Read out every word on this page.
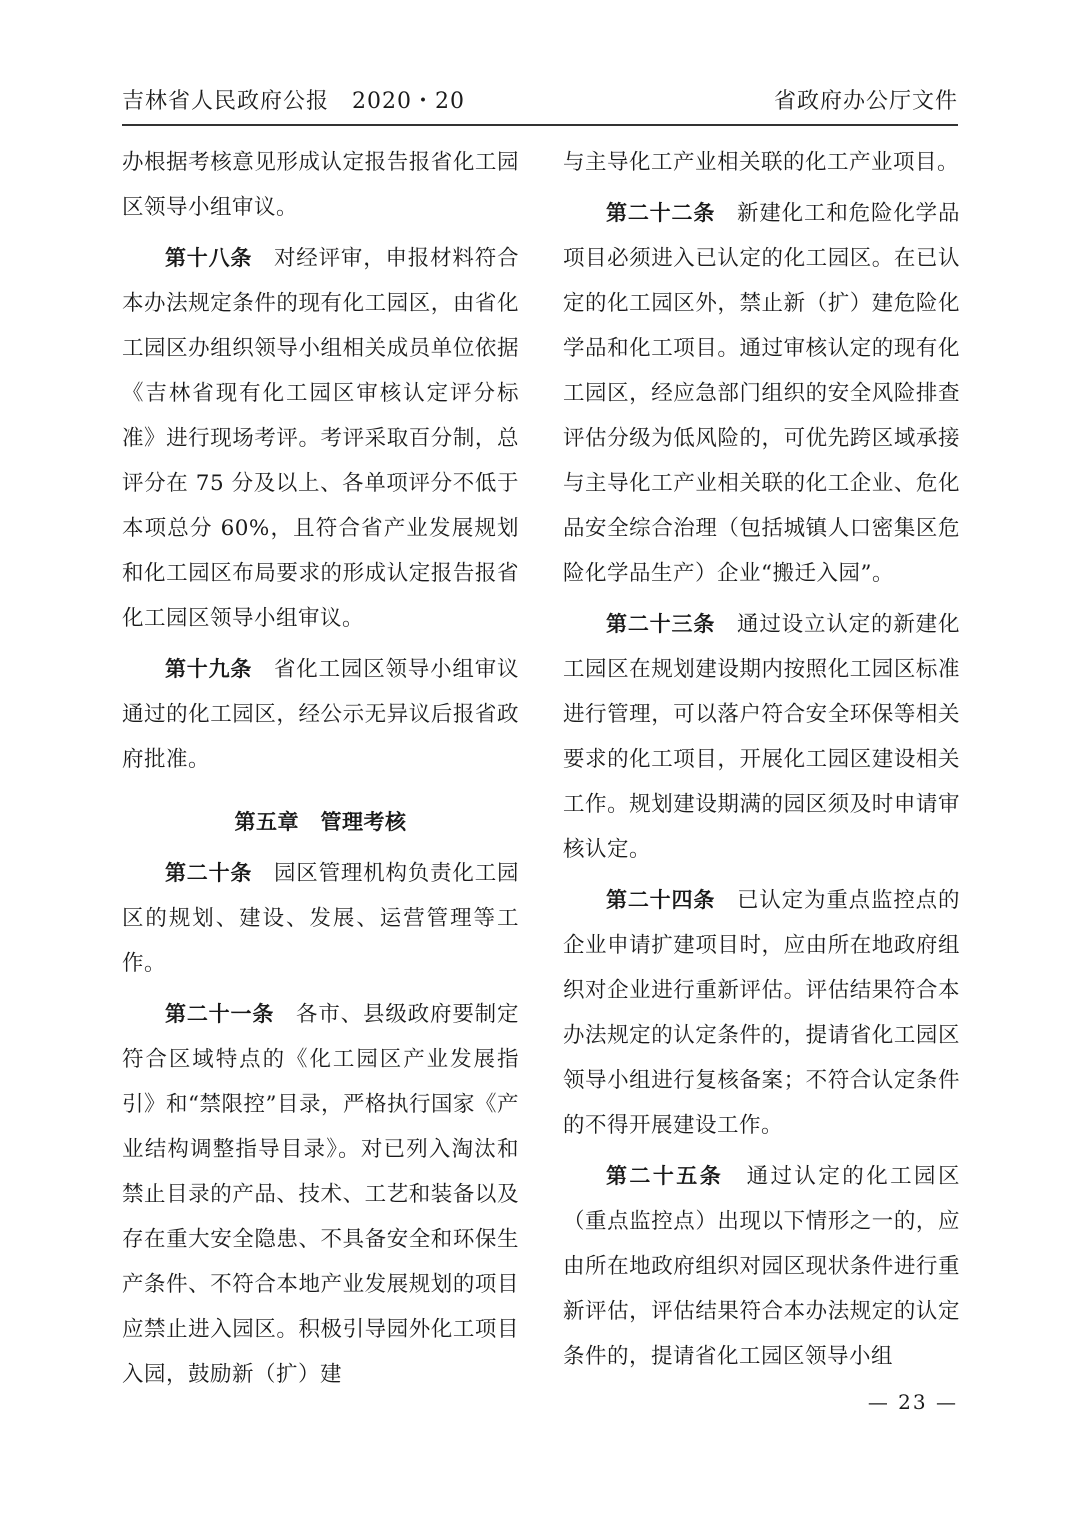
吉林省人民政府公报　2020・20	省政府办公厅文件

办根据考核意见形成认定报告报省化工园区领导小组审议。

第十八条 对经评审，申报材料符合本办法规定条件的现有化工园区，由省化工园区办组织领导小组相关成员单位依据《吉林省现有化工园区审核认定评分标准》进行现场考评。考评采取百分制，总评分在 75 分及以上、各单项评分不低于本项总分 60%，且符合省产业发展规划和化工园区布局要求的形成认定报告报省化工园区领导小组审议。

第十九条 省化工园区领导小组审议通过的化工园区，经公示无异议后报省政府批准。

第五章　管理考核

第二十条 园区管理机构负责化工园区的规划、建设、发展、运营管理等工作。

第二十一条 各市、县级政府要制定符合区域特点的《化工园区产业发展指引》和“禁限控”目录，严格执行国家《产业结构调整指导目录》。对已列入淘汰和禁止目录的产品、技术、工艺和装备以及存在重大安全隐患、不具备安全和环保生产条件、不符合本地产业发展规划的项目应禁止进入园区。积极引导园外化工项目入园，鼓励新（扩）建

与主导化工产业相关联的化工产业项目。

第二十二条 新建化工和危险化学品项目必须进入已认定的化工园区。在已认定的化工园区外，禁止新（扩）建危险化学品和化工项目。通过审核认定的现有化工园区，经应急部门组织的安全风险排查评估分级为低风险的，可优先跨区域承接与主导化工产业相关联的化工企业、危化品安全综合治理（包括城镇人口密集区危险化学品生产）企业“搬迁入园”。

第二十三条 通过设立认定的新建化工园区在规划建设期内按照化工园区标准进行管理，可以落户符合安全环保等相关要求的化工项目，开展化工园区建设相关工作。规划建设期满的园区须及时申请审核认定。

第二十四条 已认定为重点监控点的企业申请扩建项目时，应由所在地政府组织对企业进行重新评估。评估结果符合本办法规定的认定条件的，提请省化工园区领导小组进行复核备案；不符合认定条件的不得开展建设工作。

第二十五条 通过认定的化工园区（重点监控点）出现以下情形之一的，应由所在地政府组织对园区现状条件进行重新评估，评估结果符合本办法规定的认定条件的，提请省化工园区领导小组

— 23 —
